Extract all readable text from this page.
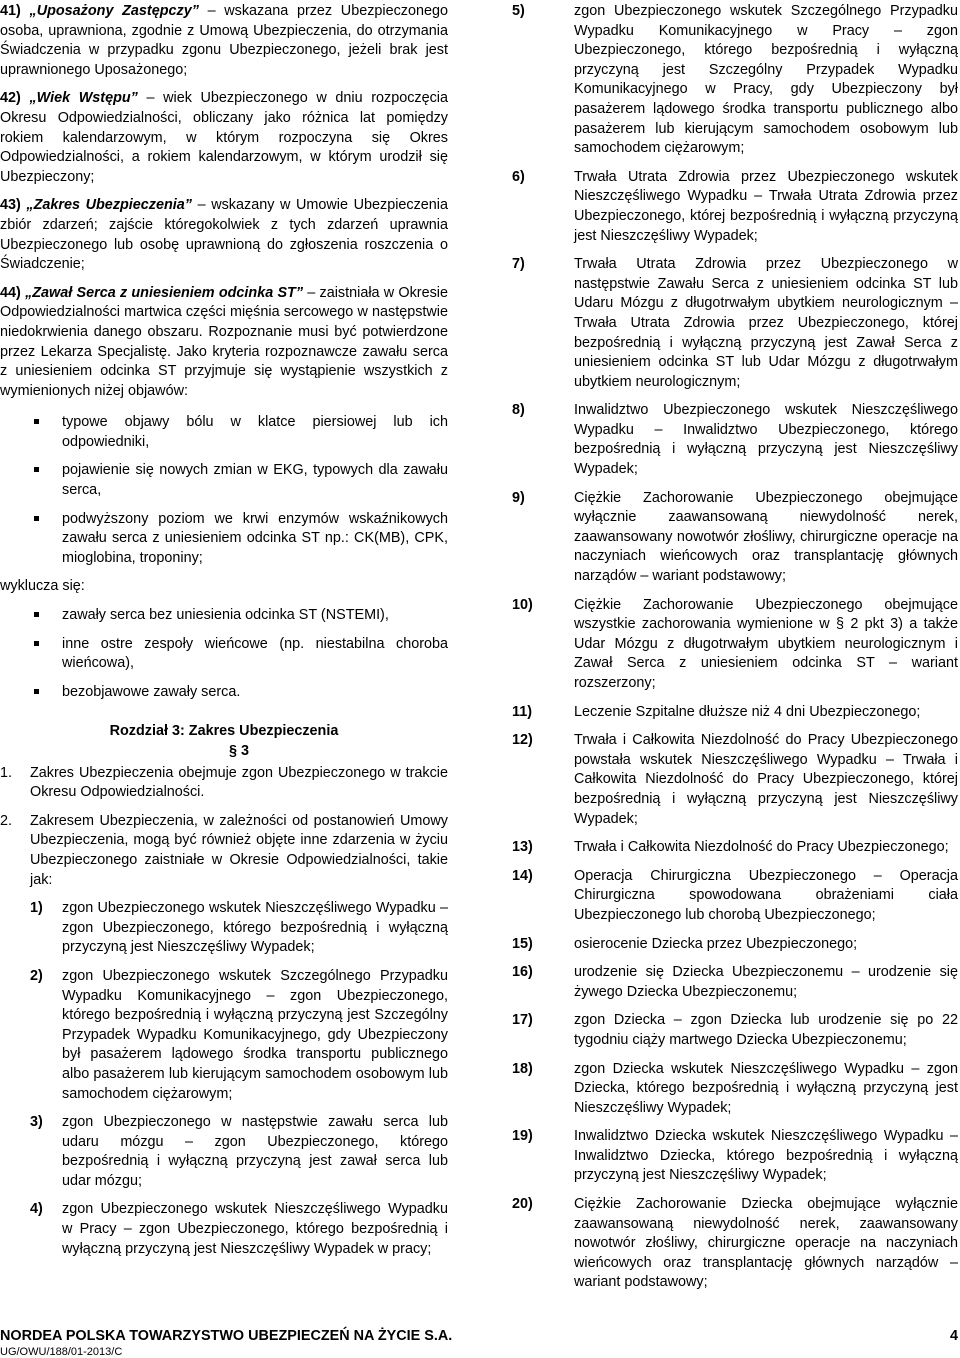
41) „Uposażony Zastępczy” – wskazana przez Ubezpieczonego osoba, uprawniona, zgodnie z Umową Ubezpieczenia, do otrzymania Świadczenia w przypadku zgonu Ubezpieczonego, jeżeli brak jest uprawnionego Uposażonego;
42) „Wiek Wstępu” – wiek Ubezpieczonego w dniu rozpoczęcia Okresu Odpowiedzialności, obliczany jako różnica lat pomiędzy rokiem kalendarzowym, w którym rozpoczyna się Okres Odpowiedzialności, a rokiem kalendarzowym, w którym urodził się Ubezpieczony;
43) „Zakres Ubezpieczenia” – wskazany w Umowie Ubezpieczenia zbiór zdarzeń; zajście któregokolwiek z tych zdarzeń uprawnia Ubezpieczonego lub osobę uprawnioną do zgłoszenia roszczenia o Świadczenie;
44) „Zawał Serca z uniesieniem odcinka ST” – zaistniała w Okresie Odpowiedzialności martwica części mięśnia sercowego w następstwie niedokrwienia danego obszaru. Rozpoznanie musi być potwierdzone przez Lekarza Specjalistę. Jako kryteria rozpoznawcze zawału serca z uniesieniem odcinka ST przyjmuje się wystąpienie wszystkich z wymienionych niżej objawów:
typowe objawy bólu w klatce piersiowej lub ich odpowiedniki,
pojawienie się nowych zmian w EKG, typowych dla zawału serca,
podwyższony poziom we krwi enzymów wskaźnikowych zawału serca z uniesieniem odcinka ST np.: CK(MB), CPK, mioglobina, troponiny;
wyklucza się:
zawały serca bez uniesienia odcinka ST (NSTEMI),
inne ostre zespoły wieńcowe (np. niestabilna choroba wieńcowa),
bezobjawowe zawały serca.
Rozdział 3: Zakres Ubezpieczenia
§ 3
1. Zakres Ubezpieczenia obejmuje zgon Ubezpieczonego w trakcie Okresu Odpowiedzialności.
2. Zakresem Ubezpieczenia, w zależności od postanowień Umowy Ubezpieczenia, mogą być również objęte inne zdarzenia w życiu Ubezpieczonego zaistniałe w Okresie Odpowiedzialności, takie jak:
1) zgon Ubezpieczonego wskutek Nieszczęśliwego Wypadku – zgon Ubezpieczonego, którego bezpośrednią i wyłączną przyczyną jest Nieszczęśliwy Wypadek;
2) zgon Ubezpieczonego wskutek Szczególnego Przypadku Wypadku Komunikacyjnego – zgon Ubezpieczonego, którego bezpośrednią i wyłączną przyczyną jest Szczególny Przypadek Wypadku Komunikacyjnego, gdy Ubezpieczony był pasażerem lądowego środka transportu publicznego albo pasażerem lub kierującym samochodem osobowym lub samochodem ciężarowym;
3) zgon Ubezpieczonego w następstwie zawału serca lub udaru mózgu – zgon Ubezpieczonego, którego bezpośrednią i wyłączną przyczyną jest zawał serca lub udar mózgu;
4) zgon Ubezpieczonego wskutek Nieszczęśliwego Wypadku w Pracy – zgon Ubezpieczonego, którego bezpośrednią i wyłączną przyczyną jest Nieszczęśliwy Wypadek w pracy;
5)	zgon Ubezpieczonego wskutek Szczególnego Przypadku Wypadku Komunikacyjnego w Pracy – zgon Ubezpieczonego, którego bezpośrednią i wyłączną przyczyną jest Szczególny Przypadek Wypadku Komunikacyjnego w Pracy, gdy Ubezpieczony był pasażerem lądowego środka transportu publicznego albo pasażerem lub kierującym samochodem osobowym lub samochodem ciężarowym;
6)	Trwała Utrata Zdrowia przez Ubezpieczonego wskutek Nieszczęśliwego Wypadku – Trwała Utrata Zdrowia przez Ubezpieczonego, której bezpośrednią i wyłączną przyczyną jest Nieszczęśliwy Wypadek;
7)	Trwała Utrata Zdrowia przez Ubezpieczonego w następstwie Zawału Serca z uniesieniem odcinka ST lub Udaru Mózgu z długotrwałym ubytkiem neurologicznym – Trwała Utrata Zdrowia przez Ubezpieczonego, której bezpośrednią i wyłączną przyczyną jest Zawał Serca z uniesieniem odcinka ST lub Udar Mózgu z długotrwałym ubytkiem neurologicznym;
8)	Inwalidztwo Ubezpieczonego wskutek Nieszczęśliwego Wypadku – Inwalidztwo Ubezpieczonego, którego bezpośrednią i wyłączną przyczyną jest Nieszczęśliwy Wypadek;
9)	Ciężkie Zachorowanie Ubezpieczonego obejmujące wyłącznie zaawansowaną niewydolność nerek, zaawansowany nowotwór złośliwy, chirurgiczne operacje na naczyniach wieńcowych oraz transplantację głównych narządów – wariant podstawowy;
10)	Ciężkie Zachorowanie Ubezpieczonego obejmujące wszystkie zachorowania wymienione w § 2 pkt 3) a także Udar Mózgu z długotrwałym ubytkiem neurologicznym i Zawał Serca z uniesieniem odcinka ST – wariant rozszerzony;
11)	Leczenie Szpitalne dłuższe niż 4 dni Ubezpieczonego;
12)	Trwała i Całkowita Niezdolność do Pracy Ubezpieczonego powstała wskutek Nieszczęśliwego Wypadku – Trwała i Całkowita Niezdolność do Pracy Ubezpieczonego, której bezpośrednią i wyłączną przyczyną jest Nieszczęśliwy Wypadek;
13)	Trwała i Całkowita Niezdolność do Pracy Ubezpieczonego;
14)	Operacja Chirurgiczna Ubezpieczonego – Operacja Chirurgiczna spowodowana obrażeniami ciała Ubezpieczonego lub chorobą Ubezpieczonego;
15)	osierocenie Dziecka przez Ubezpieczonego;
16)	urodzenie się Dziecka Ubezpieczonemu – urodzenie się żywego Dziecka Ubezpieczonemu;
17)	zgon Dziecka – zgon Dziecka lub urodzenie się po 22 tygodniu ciąży martwego Dziecka Ubezpieczonemu;
18)	zgon Dziecka wskutek Nieszczęśliwego Wypadku – zgon Dziecka, którego bezpośrednią i wyłączną przyczyną jest Nieszczęśliwy Wypadek;
19)	Inwalidztwo Dziecka wskutek Nieszczęśliwego Wypadku – Inwalidztwo Dziecka, którego bezpośrednią i wyłączną przyczyną jest Nieszczęśliwy Wypadek;
20)	Ciężkie Zachorowanie Dziecka obejmujące wyłącznie zaawansowaną niewydolność nerek, zaawansowany nowotwór złośliwy, chirurgiczne operacje na naczyniach wieńcowych oraz transplantację głównych narządów – wariant podstawowy;
NORDEA POLSKA TOWARZYSTWO UBEZPIECZEŃ NA ŻYCIE S.A.
UG/OWU/188/01-2013/C
4
